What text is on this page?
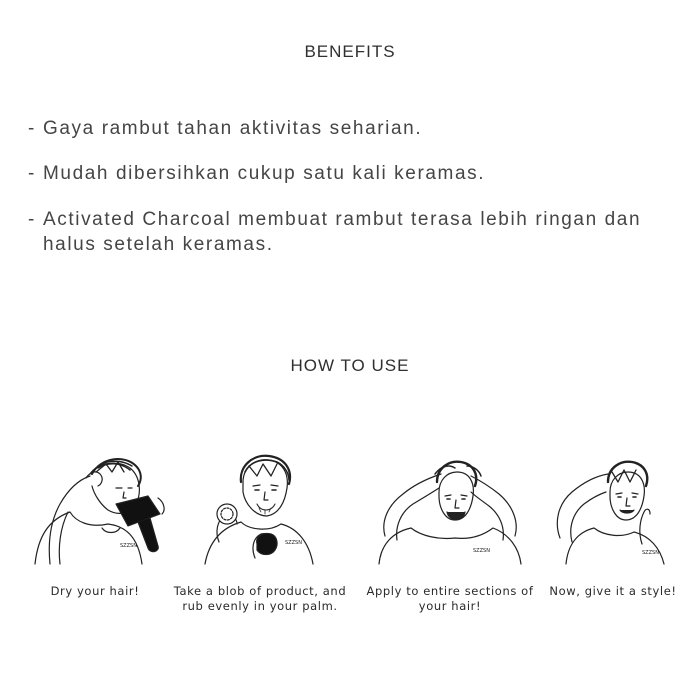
BENEFITS
- Gaya rambut tahan aktivitas seharian.
- Mudah dibersihkan cukup satu kali keramas.
- Activated Charcoal membuat rambut terasa lebih ringan dan halus setelah keramas.
HOW TO USE
SZZSN
Dry your hair!
SZZSN
Take a blob of product, and rub evenly in your palm.
SZZSN
Apply to entire sections of your hair!
SZZSN
Now, give it a style!
